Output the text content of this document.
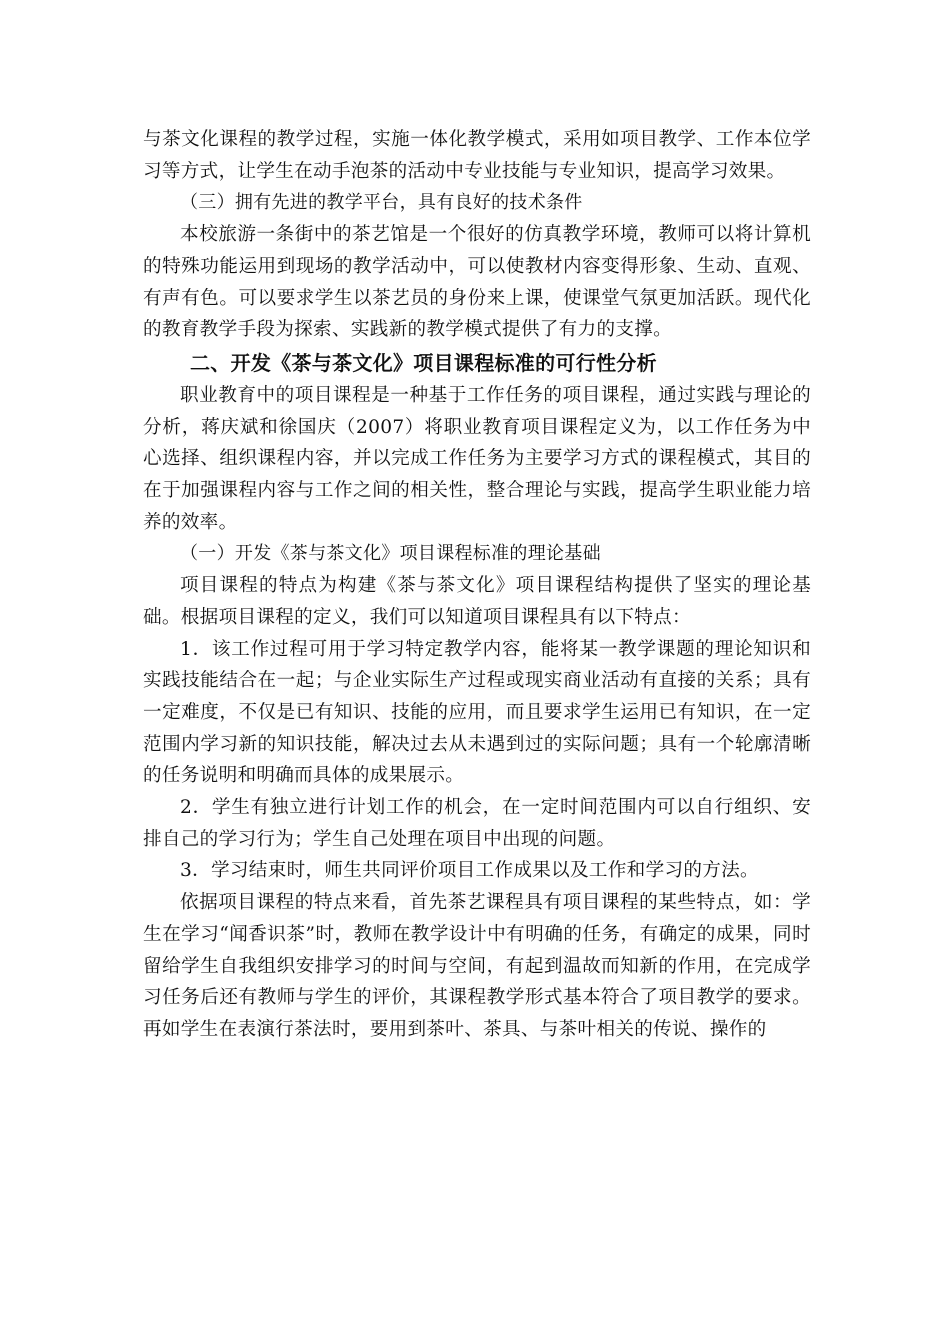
与茶文化课程的教学过程，实施一体化教学模式，采用如项目教学、工作本位学习等方式，让学生在动手泡茶的活动中专业技能与专业知识，提高学习效果。

（三）拥有先进的教学平台，具有良好的技术条件

本校旅游一条街中的茶艺馆是一个很好的仿真教学环境，教师可以将计算机的特殊功能运用到现场的教学活动中，可以使教材内容变得形象、生动、直观、有声有色。可以要求学生以茶艺员的身份来上课，使课堂气氛更加活跃。现代化的教育教学手段为探索、实践新的教学模式提供了有力的支撑。

二、开发《茶与茶文化》项目课程标准的可行性分析

职业教育中的项目课程是一种基于工作任务的项目课程，通过实践与理论的分析，蒋庆斌和徐国庆（2007）将职业教育项目课程定义为，以工作任务为中心选择、组织课程内容，并以完成工作任务为主要学习方式的课程模式，其目的在于加强课程内容与工作之间的相关性，整合理论与实践，提高学生职业能力培养的效率。

（一）开发《茶与茶文化》项目课程标准的理论基础

项目课程的特点为构建《茶与茶文化》项目课程结构提供了坚实的理论基础。根据项目课程的定义，我们可以知道项目课程具有以下特点：

1．该工作过程可用于学习特定教学内容，能将某一教学课题的理论知识和实践技能结合在一起；与企业实际生产过程或现实商业活动有直接的关系；具有一定难度，不仅是已有知识、技能的应用，而且要求学生运用已有知识，在一定范围内学习新的知识技能，解决过去从未遇到过的实际问题；具有一个轮廓清晰的任务说明和明确而具体的成果展示。

2．学生有独立进行计划工作的机会，在一定时间范围内可以自行组织、安排自己的学习行为；学生自己处理在项目中出现的问题。

3．学习结束时，师生共同评价项目工作成果以及工作和学习的方法。

依据项目课程的特点来看，首先茶艺课程具有项目课程的某些特点，如：学生在学习“闻香识茶”时，教师在教学设计中有明确的任务，有确定的成果，同时留给学生自我组织安排学习的时间与空间，有起到温故而知新的作用，在完成学习任务后还有教师与学生的评价，其课程教学形式基本符合了项目教学的要求。再如学生在表演行茶法时，要用到茶叶、茶具、与茶叶相关的传说、操作的
